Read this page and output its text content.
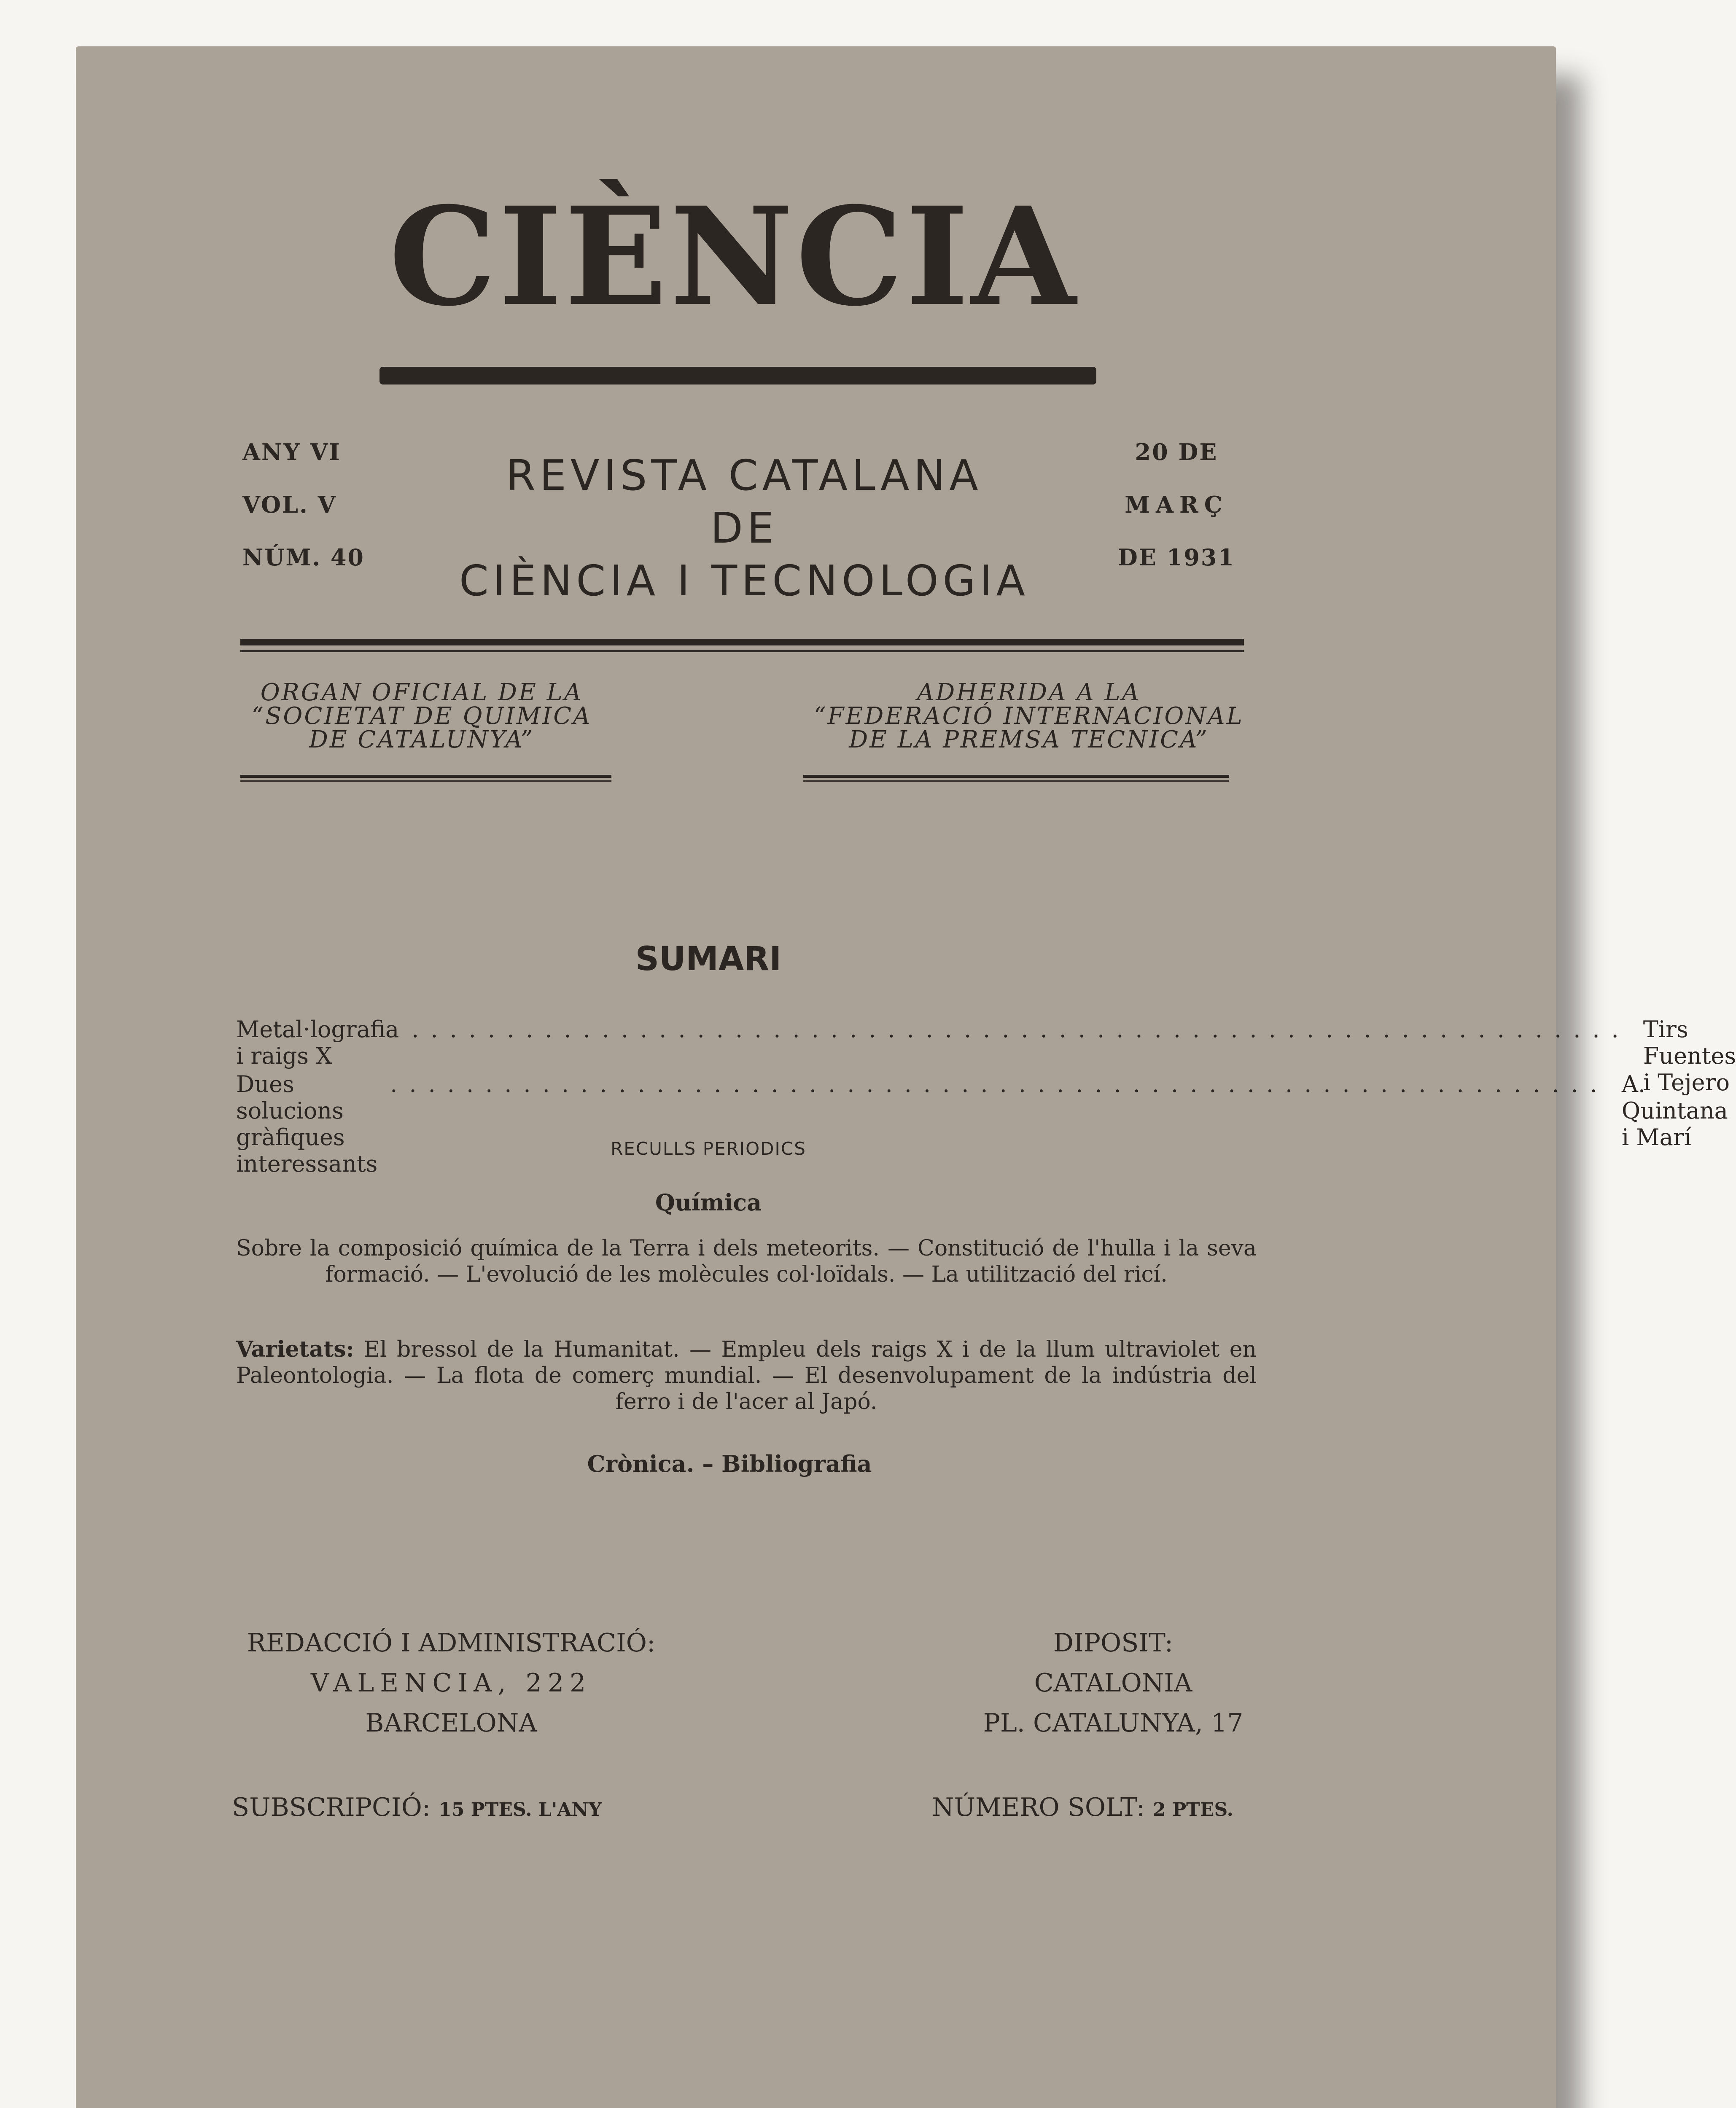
CIÈNCIA
ANY VI
VOL. V
NÚM. 40
REVISTA CATALANA
DE
CIÈNCIA I TECNOLOGIA
20 DE
MARÇ
DE 1931
ORGAN OFICIAL DE LA
“SOCIETAT DE QUIMICA
DE CATALUNYA”
ADHERIDA A LA
“FEDERACIÓ INTERNACIONAL
DE LA PREMSA TECNICA”
SUMARI
Metal·lografia i raigs X
................................................................ Tirs Fuentes i Tejero
Dues solucions gràfiques interessants
................................................................ A. Quintana i Marí
RECULLS PERIODICS
Química
Sobre la composició química de la Terra i dels meteorits. — Constitució de l'hulla i la seva formació. — L'evolució de les molècules col·loïdals. — La utilització del ricí.
Varietats: El bressol de la Humanitat. — Empleu dels raigs X i de la llum ultraviolet en Paleontologia. — La flota de comerç mundial. — El desenvolupament de la indústria del ferro i de l'acer al Japó.
Crònica. – Bibliografia
REDACCIÓ I ADMINISTRACIÓ:
VALENCIA, 222
BARCELONA
DIPOSIT:
CATALONIA
PL. CATALUNYA, 17
SUBSCRIPCIÓ: 15 PTES. L'ANY	NÚMERO SOLT: 2 PTES.
